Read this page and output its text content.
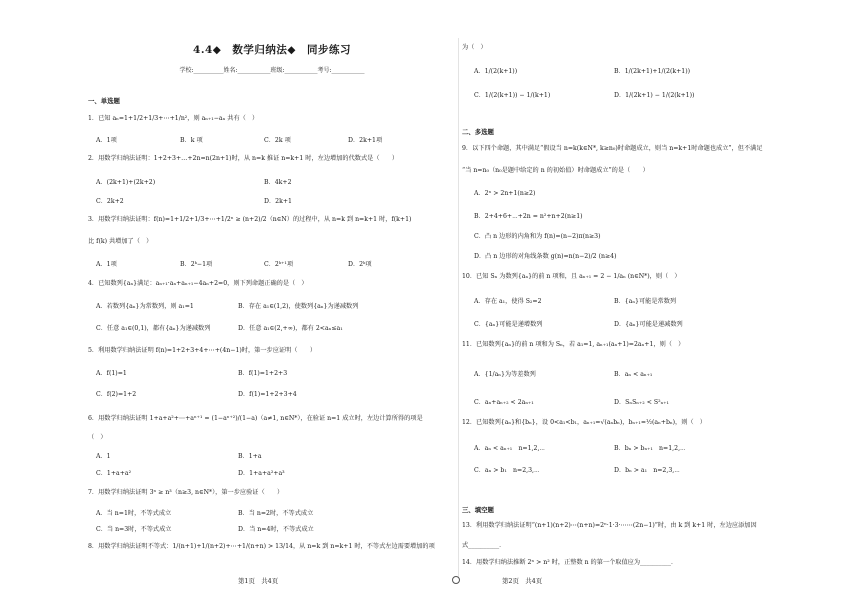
4.4◆　数学归纳法◆　同步练习
学校:__________姓名:___________班级:___________考号:___________
一、单选题
1．已知 aₙ=1+1/2+1/3+⋯+1/n²，则 aₙ₊₁−aₙ 共有（　）
A．1项	B．k 项	C．2k 项	D．2k+1项
2．用数学归纳法证明：1+2+3+…+2n=n(2n+1)时，从 n=k 推证 n=k+1 时，左边增加的代数式是（　　）
A．(2k+1)+(2k+2)	B．4k+2
C．2k+2	D．2k+1
3．用数学归纳法证明：f(n)=1+1/2+1/3+⋯+1/2ⁿ ≥ (n+2)/2（n∈N）的过程中，从 n=k 到 n=k+1 时，f(k+1)
比 f(k) 共增加了（　）
A．1项	B．2ᵏ−1项	C．2ᵏ⁺¹项	D．2ᵏ项
4．已知数列{aₙ}满足：aₙ₊₁·aₙ+aₙ₊₁−4aₙ+2=0，则下列命题正确的是（　）
A．若数列{aₙ}为常数列，则 a₁=1	B．存在 a₁∈(1,2)，使数列{aₙ}为递减数列
C．任意 a₁∈(0,1)，都有{aₙ}为递减数列	D．任意 a₁∈(2,+∞)，都有 2<aₙ≤a₁
5．利用数学归纳法证明 f(n)=1+2+3+4+⋯+(4n−1)时，第一步应证明（　　）
A．f(1)=1	B．f(1)=1+2+3
C．f(2)=1+2	D．f(1)=1+2+3+4
6．用数学归纳法证明 1+a+a²+⋯+aⁿ⁺¹ = (1−aⁿ⁺²)/(1−a)（a≠1, n∈N*），在验证 n=1 成立时，左边计算所得的项是
（　）
A．1	B．1+a
C．1+a+a²	D．1+a+a²+a³
7．用数学归纳法证明 3ⁿ ≥ n³（n≥3, n∈N*），第一步应验证（　　）
A．当 n=1时，不等式成立	B．当 n=2时，不等式成立
C．当 n=3时，不等式成立	D．当 n=4时，不等式成立
8．用数学归纳法证明不等式：1/(n+1)+1/(n+2)+⋯+1/(n+n) > 13/14，从 n=k 到 n=k+1 时，不等式左边需要增加的项
第1页　共4页
为（　）
A．1/(2(k+1))	B．1/(2k+1)+1/(2(k+1))
C．1/(2(k+1)) − 1/(k+1)	D．1/(2k+1) − 1/(2(k+1))
二、多选题
9．以下四个命题，其中满足“假设当 n=k(k∈N*, k≥n₀)时命题成立，则当 n=k+1时命题也成立”，但不满足
“当 n=n₀（n₀是题中给定的 n 的初始值）时命题成立”的是（　　）
A．2ⁿ > 2n+1(n≥2)
B．2+4+6+⋯+2n = n²+n+2(n≥1)
C．凸 n 边形的内角和为 f(n)=(n−2)π(n≥3)
D．凸 n 边形的对角线条数 g(n)=n(n−2)/2 (n≥4)
10．已知 Sₙ 为数列{aₙ}的前 n 项和，且 aₙ₊₁ = 2 − 1/aₙ (n∈N*)，则（　）
A．存在 a₁，使得 S₂=2	B．{aₙ}可能是常数列
C．{aₙ}可能是递增数列	D．{aₙ}可能是递减数列
11．已知数列{aₙ}的前 n 项和为 Sₙ，若 a₁=1, aₙ₊₁(aₙ+1)=2aₙ+1，则（　）
A．{1/aₙ}为等差数列	B．aₙ < aₙ₊₁
C．aₙ+aₙ₊₂ < 2aₙ₊₁	D．SₙSₙ₊₂ < S²ₙ₊₁
12．已知数列{aₙ}和{bₙ}，设 0<a₁<b₁，aₙ₊₁=√(aₙbₙ)，bₙ₊₁=½(aₙ+bₙ)，则（　）
A．aₙ < aₙ₊₁　n=1,2,⋯	B．bₙ > bₙ₊₁　n=1,2,⋯
C．aₙ > b₁　n=2,3,⋯	D．bₙ > a₁　n=2,3,⋯
三、填空题
13．利用数学归纳法证明“(n+1)(n+2)⋯(n+n)=2ⁿ·1·3·⋯⋯(2n−1)”时，由 k 到 k+1 时，左边应添加因
式__________．
14．用数学归纳法推断 2ⁿ > n² 时，正整数 n 的第一个取值应为__________．
第2页　共4页
